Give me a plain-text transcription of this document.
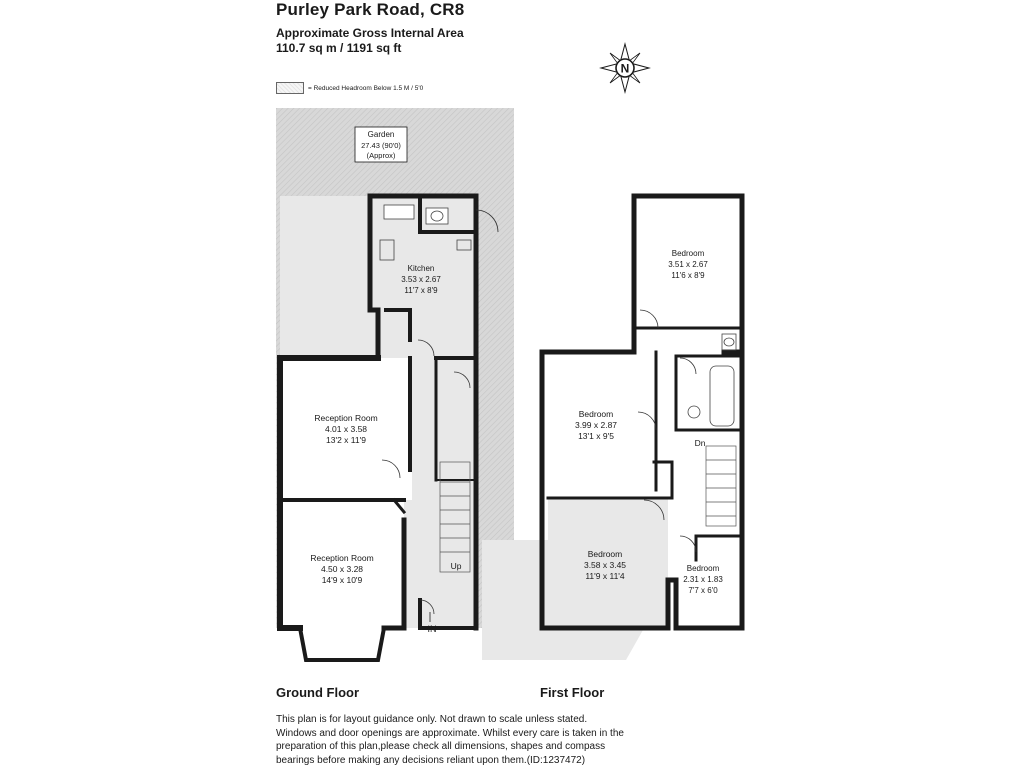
Purley Park Road, CR8
Approximate Gross Internal Area
110.7 sq m / 1191 sq ft
= Reduced Headroom Below 1.5 M / 5'0
N
Garden
27.43 (90'0)
(Approx)
Kitchen
3.53 x 2.67
11'7 x 8'9
Reception Room
4.01 x 3.58
13'2 x 11'9
Reception Room
4.50 x 3.28
14'9 x 10'9
Up
IN
Bedroom
3.51 x 2.67
11'6 x 8'9
Bedroom
3.99 x 2.87
13'1 x 9'5
Bedroom
3.58 x 3.45
11'9 x 11'4
Bedroom
2.31 x 1.83
7'7 x 6'0
Dn
Ground Floor	First Floor
This plan is for layout guidance only. Not drawn to scale unless stated. Windows and door openings are approximate. Whilst every care is taken in the preparation of this plan,please check all dimensions, shapes and compass bearings before making any decisions reliant upon them.(ID:1237472)
